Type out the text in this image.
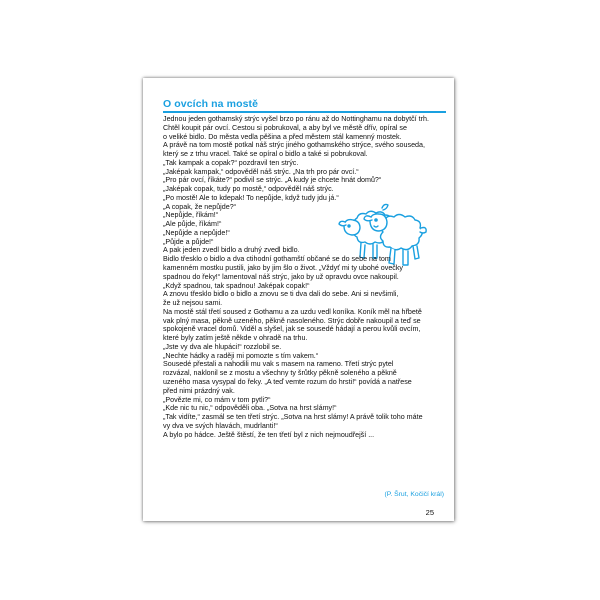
O ovcích na mostě
Jednou jeden gothamský strýc vyšel brzo po ránu až do Nottinghamu na dobytčí trh.
Chtěl koupit pár ovcí. Cestou si pobrukoval, a aby byl ve městě dřív, opíral se
o veliké bidlo. Do města vedla pěšina a před městem stál kamenný mostek.
A právě na tom mostě potkal náš strýc jiného gothamského strýce, svého souseda,
který se z trhu vracel. Také se opíral o bidlo a také si pobrukoval.
„Tak kampak a copak?“ pozdravil ten strýc.
„Jaképak kampak,“ odpověděl náš strýc. „Na trh pro pár ovcí.“
„Pro pár ovcí, říkáte?“ podivil se strýc. „A kudy je chcete hnát domů?“
„Jaképak copak, tudy po mostě,“ odpověděl náš strýc.
„Po mostě! Ale to kdepak! To nepůjde, když tudy jdu já.“
„A copak, že nepůjde?“
„Nepůjde, říkám!“
„Ale půjde, říkám!“
„Nepůjde a nepůjde!“
„Půjde a půjde!“
A pak jeden zvedl bidlo a druhý zvedl bidlo.
Bidlo třesklo o bidlo a dva ctihodní gothamští občané se do sebe na tom
kamenném mostku pustili, jako by jim šlo o život. „Vždyť mi ty ubohé ovečky
spadnou do řeky!“ lamentoval náš strýc, jako by už opravdu ovce nakoupil.
„Když spadnou, tak spadnou! Jaképak copak!“
A znovu třesklo bidlo o bidlo a znovu se ti dva dali do sebe. Ani si nevšimli,
že už nejsou sami.
Na mostě stál třetí soused z Gothamu a za uzdu vedl koníka. Koník měl na hřbetě
vak plný masa, pěkně uzeného, pěkně nasoleného. Strýc dobře nakoupil a teď se
spokojeně vracel domů. Viděl a slyšel, jak se sousedé hádají a perou kvůli ovcím,
které byly zatím ještě někde v ohradě na trhu.
„Jste vy dva ale hlupáci!“ rozzlobil se.
„Nechte hádky a raději mi pomozte s tím vakem.“
Sousedé přestali a nahodili mu vak s masem na rameno. Třetí strýc pytel
rozvázal, naklonil se z mostu a všechny ty šrůtky pěkně soleného a pěkně
uzeného masa vysypal do řeky. „A teď vemte rozum do hrsti!“ povídá a natřese
před nimi prázdný vak.
„Povězte mi, co mám v tom pytli?“
„Kde nic tu nic,“ odpověděli oba. „Sotva na hrst slámy!“
„Tak vidíte,“ zasmál se ten třetí strýc. „Sotva na hrst slámy! A právě tolik toho máte
vy dva ve svých hlavách, mudrlanti!“
A bylo po hádce. Ještě štěstí, že ten třetí byl z nich nejmoudřejší ...
(P. Šrut, Kočičí král)
25
